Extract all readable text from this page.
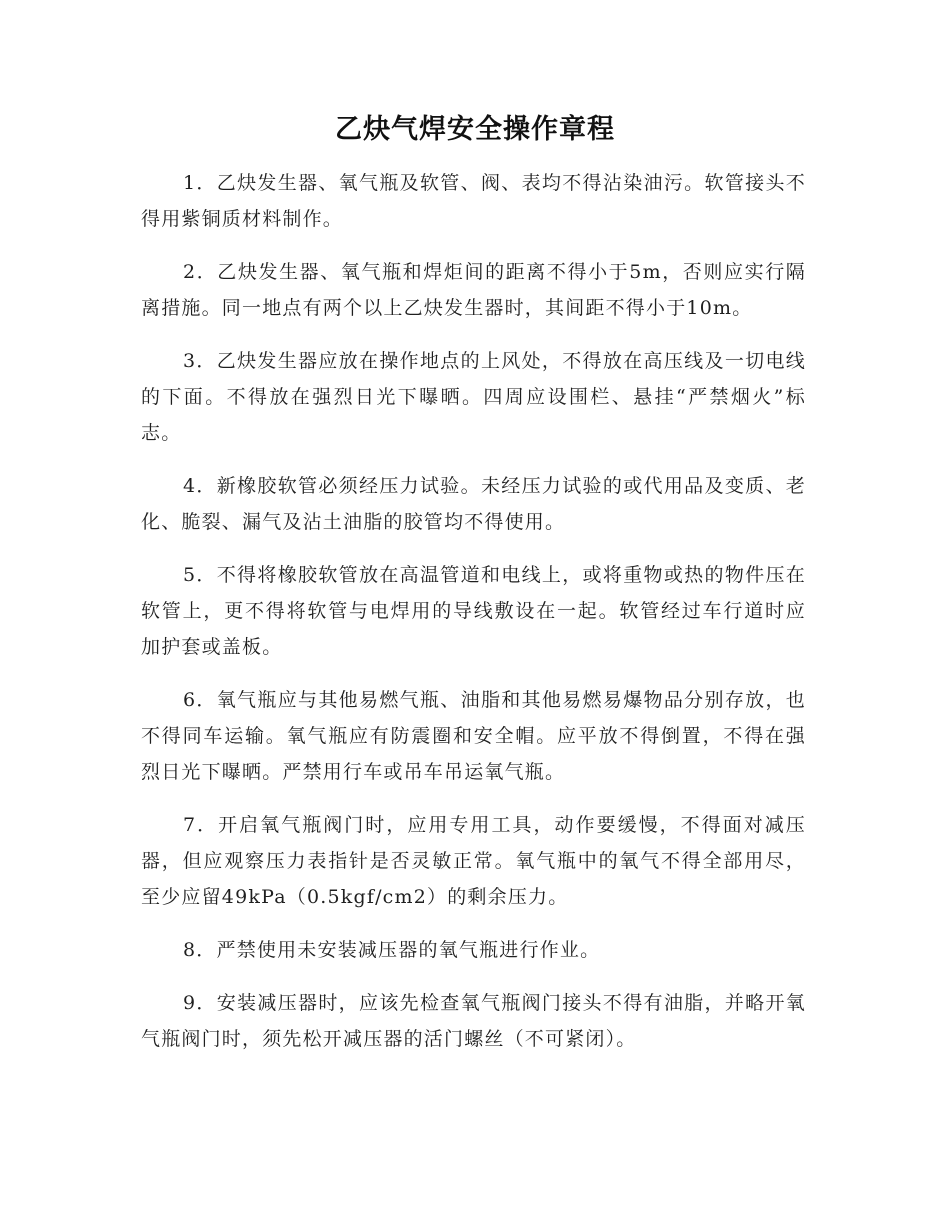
乙炔气焊安全操作章程

1．乙炔发生器、氧气瓶及软管、阀、表均不得沾染油污。软管接头不得用紫铜质材料制作。

2．乙炔发生器、氧气瓶和焊炬间的距离不得小于5m，否则应实行隔离措施。同一地点有两个以上乙炔发生器时，其间距不得小于10m。

3．乙炔发生器应放在操作地点的上风处，不得放在高压线及一切电线的下面。不得放在强烈日光下曝晒。四周应设围栏、悬挂“严禁烟火”标志。

4．新橡胶软管必须经压力试验。未经压力试验的或代用品及变质、老化、脆裂、漏气及沾土油脂的胶管均不得使用。

5．不得将橡胶软管放在高温管道和电线上，或将重物或热的物件压在软管上，更不得将软管与电焊用的导线敷设在一起。软管经过车行道时应加护套或盖板。

6．氧气瓶应与其他易燃气瓶、油脂和其他易燃易爆物品分别存放，也不得同车运输。氧气瓶应有防震圈和安全帽。应平放不得倒置，不得在强烈日光下曝晒。严禁用行车或吊车吊运氧气瓶。

7．开启氧气瓶阀门时，应用专用工具，动作要缓慢，不得面对减压器，但应观察压力表指针是否灵敏正常。氧气瓶中的氧气不得全部用尽，至少应留49kPa（0.5kgf/cm2）的剩余压力。

8．严禁使用未安装减压器的氧气瓶进行作业。

9．安装减压器时，应该先检查氧气瓶阀门接头不得有油脂，并略开氧气瓶阀门时，须先松开减压器的活门螺丝（不可紧闭）。
